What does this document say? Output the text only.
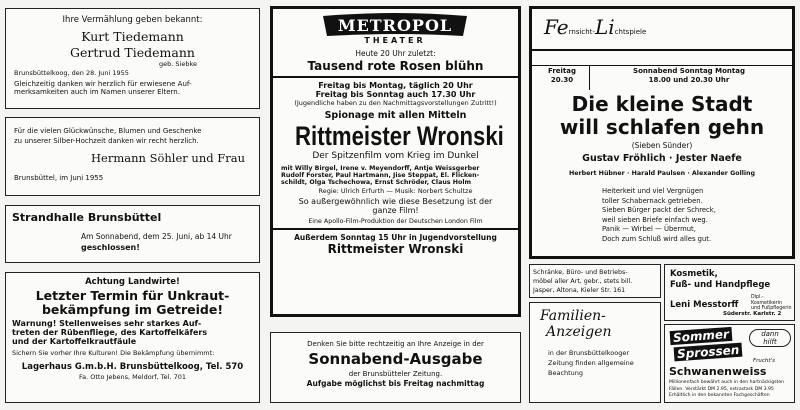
Ihre Vermählung geben bekannt:
Kurt Tiedemann
Gertrud Tiedemann
geb. Siebke
Brunsbüttelkoog, den 28. Juni 1955
Gleichzeitig danken wir herzlich für erwiesene Auf-
merksamkeiten auch im Namen unserer Eltern.
Für die vielen Glückwünsche, Blumen und Geschenke
zu unserer Silber-Hochzeit danken wir recht herzlich.
Hermann Söhler und Frau
Brunsbüttel, im Juni 1955
Strandhalle Brunsbüttel
Am Sonnabend, dem 25. Juni, ab 14 Uhr
geschlossen!
Achtung Landwirte!
Letzter Termin für Unkraut-
bekämpfung im Getreide!
Warnung! Stellenweises sehr starkes Auf-
treten der Rübenfliege, des Kartoffelkäfers
und der Kartoffelkrautfäule
Sichern Sie vorher Ihre Kulturen! Die Bekämpfung übernimmt:
Lagerhaus G.m.b.H. Brunsbüttelkoog, Tel. 570
Fa. Otto Jebens, Meldorf, Tel. 701
METROPOL
THEATER
Heute 20 Uhr zuletzt:
Tausend rote Rosen blühn
Freitag bis Montag, täglich 20 Uhr
Freitag bis Sonntag auch 17.30 Uhr
(Jugendliche haben zu den Nachmittagsvorstellungen Zutritt!)
Spionage mit allen Mitteln
Rittmeister Wronski
Der Spitzenfilm vom Krieg im Dunkel
mit Willy Birgel, Irene v. Meyendorff, Antje Weissgerber
Rudolf Forster, Paul Hartmann, Jise Steppat, El. Flicken-
schildt, Olga Tschechowa, Ernst Schröder, Claus Holm
Regie: Ulrich Erfurth — Musik: Norbert Schultze
So außergewöhnlich wie diese Besetzung ist der
ganze Film!
Eine Apollo-Film-Produktion der Deutschen London Film
Außerdem Sonntag 15 Uhr in Jugendvorstellung
Rittmeister Wronski
Denken Sie bitte rechtzeitig an Ihre Anzeige in der
Sonnabend-Ausgabe
der Brunsbütteler Zeitung.
Aufgabe möglichst bis Freitag nachmittag
Fernsicht-Lichtspiele
Freitag
20.30
Sonnabend Sonntag Montag
18.00 und 20.30 Uhr
Die kleine Stadt
will schlafen gehn
(Sieben Sünder)
Gustav Fröhlich · Jester Naefe
Herbert Hübner · Harald Paulsen · Alexander Golling
Heiterkeit und viel Vergnügen
toller Schabernack getrieben.
Sieben Bürger packt der Schreck,
weil sieben Briefe einfach weg.
Panik — Wirbel — Übermut,
Doch zum Schluß wird alles gut.
Schränke, Büro- und Betriebs-
möbel aller Art, gebr., stets bill.
Jasper, Altona, Kieler Str. 161
Familien-
Anzeigen
in der Brunsbüttelkooger
Zeitung finden allgemeine
Beachtung
Kosmetik,
Fuß- und Handpflege
Leni Messtorff
Dipl.-
Kosmetikerin
und Fußpflegerin
Süderstr. Karlstr. 2
Sommer
Sprossen
dann
hilft
Frucht's
Schwanenweiss
Millionenfach bewährt auch in den hartnäckigsten
Fällen. Verstärkt DM 2.95, extrastark DM 3.95
Erhältlich in den bekannten Fachgeschäften
